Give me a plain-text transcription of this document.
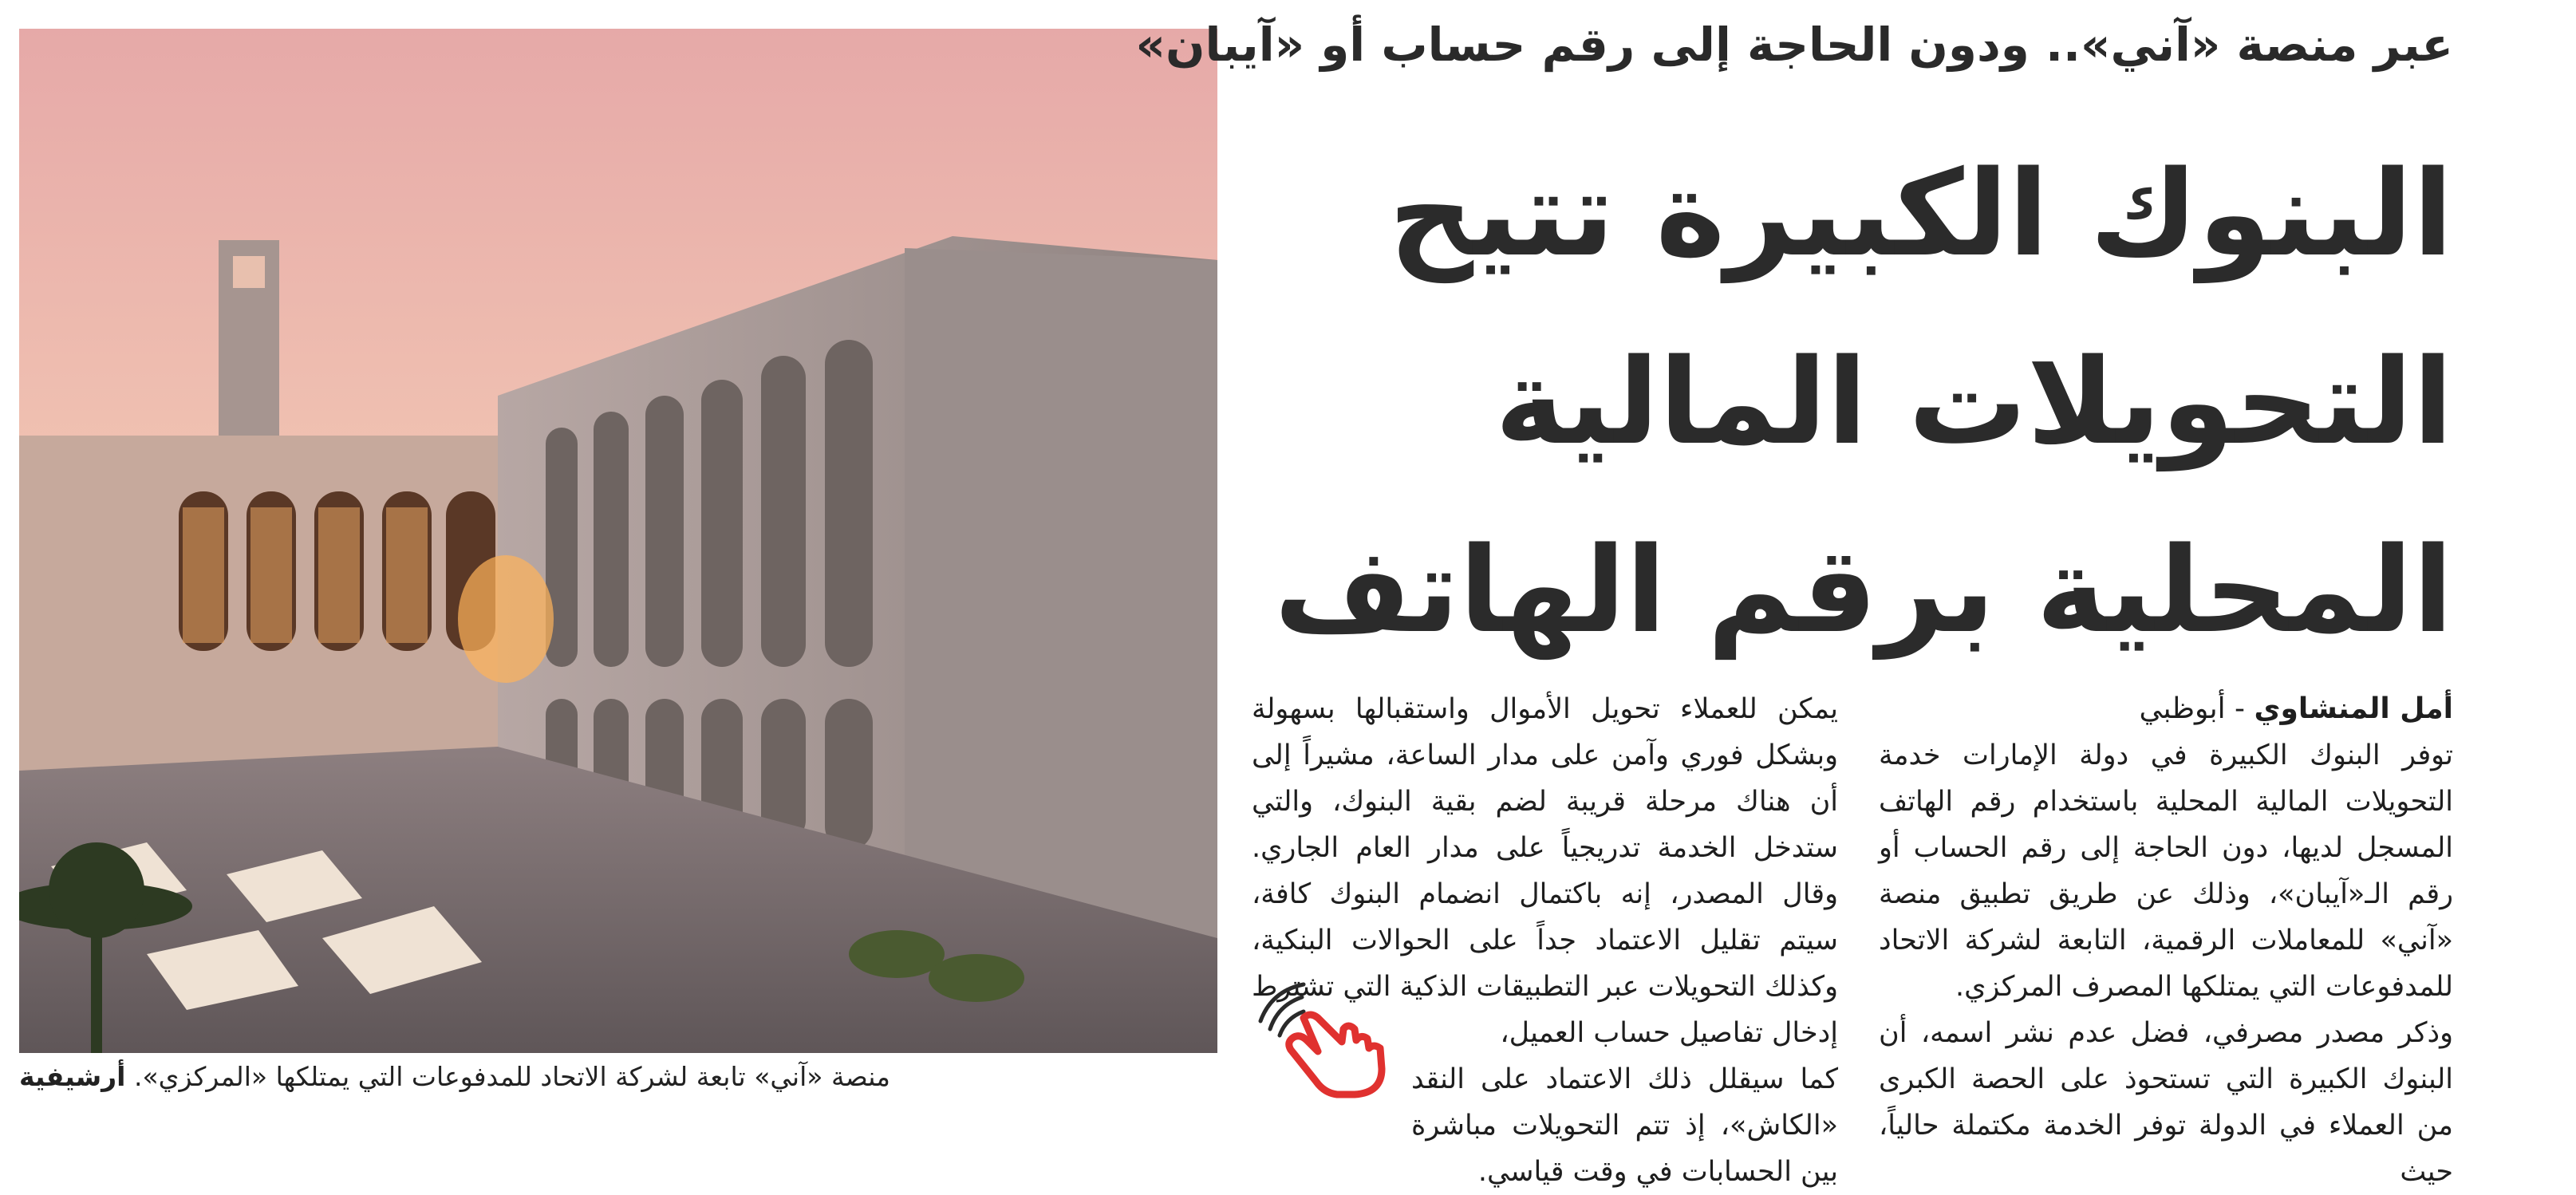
منصة «آني» تابعة لشركة الاتحاد للمدفوعات التي يمتلكها «المركزي». أرشيفية
عبر منصة «آني».. ودون الحاجة إلى رقم حساب أو «آيبان»
البنوك الكبيرة تتيح
التحويلات المالية
المحلية برقم الهاتف
أمل المنشاوي - أبوظبي

توفر البنوك الكبيرة في دولة الإمارات خدمة التحويلات المالية المحلية باستخدام رقم الهاتف المسجل لديها، دون الحاجة إلى رقم الحساب أو رقم الـ«آيبان»، وذلك عن طريق تطبيق منصة «آني» للمعاملات الرقمية، التابعة لشركة الاتحاد للمدفوعات التي يمتلكها المصرف المركزي.

وذكر مصدر مصرفي، فضل عدم نشر اسمه، أن البنوك الكبيرة التي تستحوذ على الحصة الكبرى من العملاء في الدولة توفر الخدمة مكتملة حالياً، حيث

يمكن للعملاء تحويل الأموال واستقبالها بسهولة وبشكل فوري وآمن على مدار الساعة، مشيراً إلى أن هناك مرحلة قريبة لضم بقية البنوك، والتي ستدخل الخدمة تدريجياً على مدار العام الجاري. وقال المصدر، إنه باكتمال انضمام البنوك كافة، سيتم تقليل الاعتماد جداً على الحوالات البنكية، وكذلك التحويلات عبر التطبيقات الذكية التي تشترط إدخال تفاصيل حساب العميل،

كما سيقلل ذلك الاعتماد على النقد «الكاش»، إذ تتم التحويلات مباشرة بين الحسابات في وقت قياسي.
